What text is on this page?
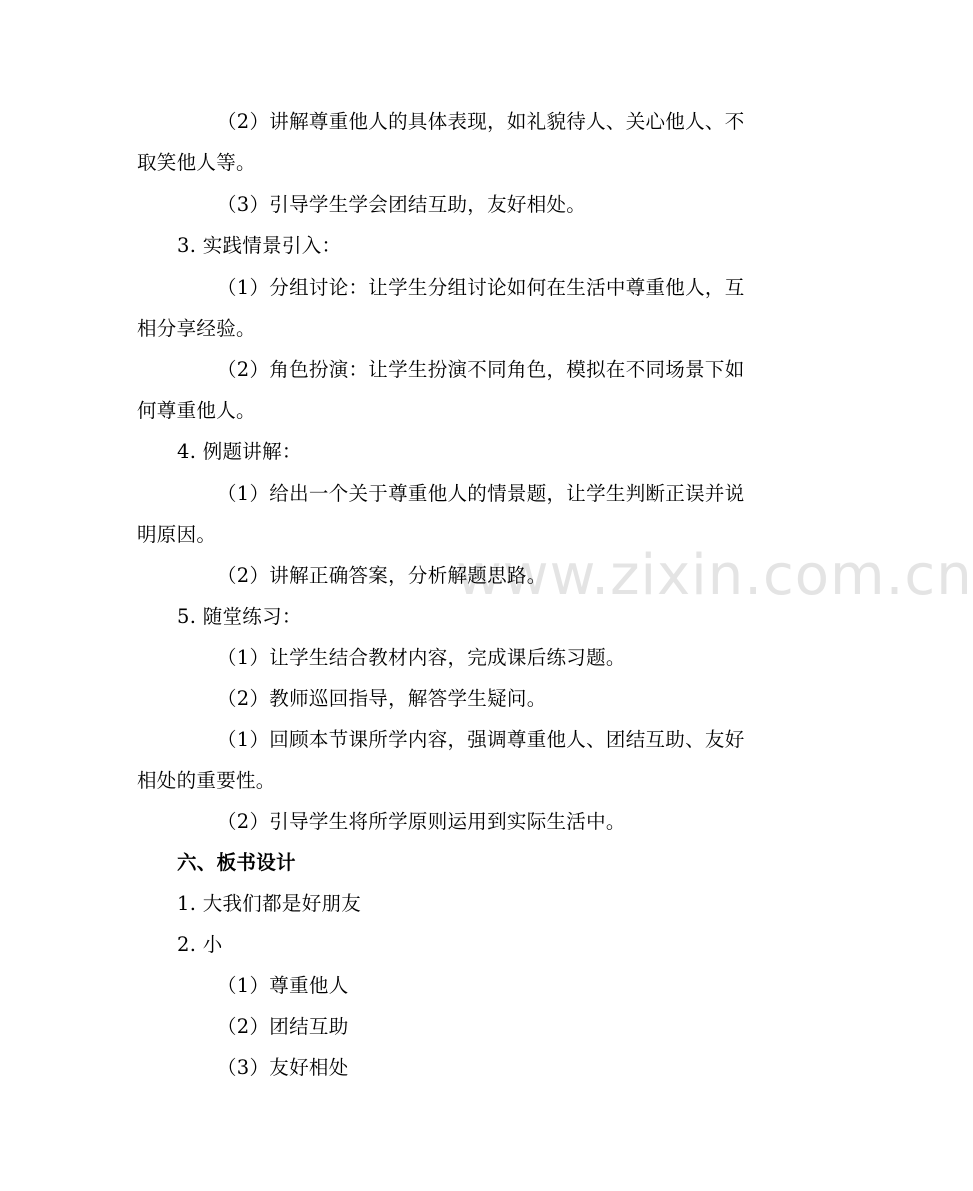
www.zixin.com.cn
（2）讲解尊重他人的具体表现，如礼貌待人、关心他人、不
取笑他人等。
（3）引导学生学会团结互助，友好相处。
3. 实践情景引入：
（1）分组讨论：让学生分组讨论如何在生活中尊重他人，互
相分享经验。
（2）角色扮演：让学生扮演不同角色，模拟在不同场景下如
何尊重他人。
4. 例题讲解：
（1）给出一个关于尊重他人的情景题，让学生判断正误并说
明原因。
（2）讲解正确答案，分析解题思路。
5. 随堂练习：
（1）让学生结合教材内容，完成课后练习题。
（2）教师巡回指导，解答学生疑问。
（1）回顾本节课所学内容，强调尊重他人、团结互助、友好
相处的重要性。
（2）引导学生将所学原则运用到实际生活中。
六、板书设计
1. 大我们都是好朋友
2. 小
（1）尊重他人
（2）团结互助
（3）友好相处
